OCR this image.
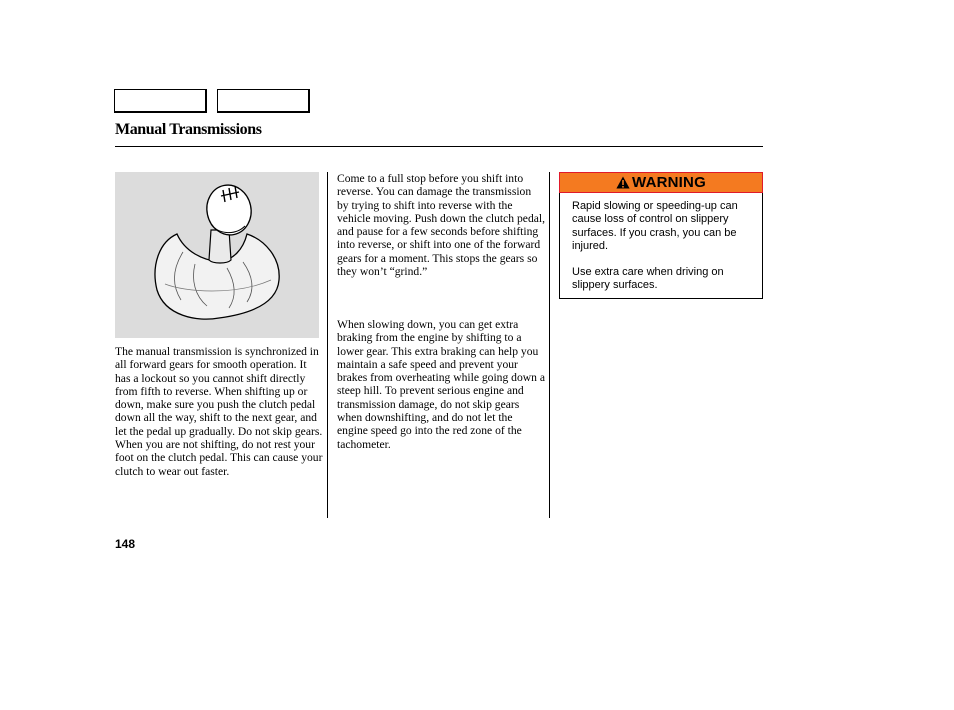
Manual Transmissions

The manual transmission is synchronized in all forward gears for smooth operation. It has a lockout so you cannot shift directly from fifth to reverse. When shifting up or down, make sure you push the clutch pedal down all the way, shift to the next gear, and let the pedal up gradually. Do not skip gears. When you are not shifting, do not rest your foot on the clutch pedal. This can cause your clutch to wear out faster.

Come to a full stop before you shift into reverse. You can damage the transmission by trying to shift into reverse with the vehicle moving. Push down the clutch pedal, and pause for a few seconds before shifting into reverse, or shift into one of the forward gears for a moment. This stops the gears so they won’t “grind.”

When slowing down, you can get extra braking from the engine by shifting to a lower gear. This extra braking can help you maintain a safe speed and prevent your brakes from overheating while going down a steep hill. To prevent serious engine and transmission damage, do not skip gears when downshifting, and do not let the engine speed go into the red zone of the tachometer.

WARNING

Rapid slowing or speeding-up can cause loss of control on slippery surfaces. If you crash, you can be injured.

Use extra care when driving on slippery surfaces.

148
